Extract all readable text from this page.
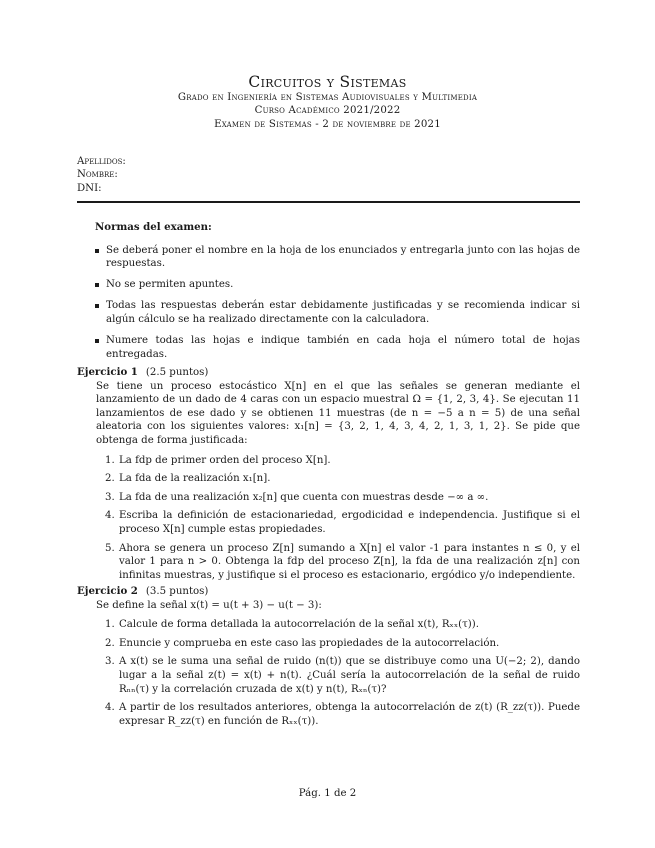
Circuitos y Sistemas
Grado en Ingeniería en Sistemas Audiovisuales y Multimedia
Curso Académico 2021/2022
Examen de Sistemas - 2 de noviembre de 2021
Apellidos:
Nombre:
DNI:
Normas del examen:
Se deberá poner el nombre en la hoja de los enunciados y entregarla junto con las hojas de respuestas.
No se permiten apuntes.
Todas las respuestas deberán estar debidamente justificadas y se recomienda indicar si algún cálculo se ha realizado directamente con la calculadora.
Numere todas las hojas e indique también en cada hoja el número total de hojas entregadas.
Ejercicio 1 (2.5 puntos)
Se tiene un proceso estocástico X[n] en el que las señales se generan mediante el lanzamiento de un dado de 4 caras con un espacio muestral Ω = {1, 2, 3, 4}. Se ejecutan 11 lanzamientos de ese dado y se obtienen 11 muestras (de n = −5 a n = 5) de una señal aleatoria con los siguientes valores: x₁[n] = {3, 2, 1, 4, 3, 4, 2, 1, 3, 1, 2}. Se pide que obtenga de forma justificada:
1. La fdp de primer orden del proceso X[n].
2. La fda de la realización x₁[n].
3. La fda de una realización x₂[n] que cuenta con muestras desde −∞ a ∞.
4. Escriba la definición de estacionariedad, ergodicidad e independencia. Justifique si el proceso X[n] cumple estas propiedades.
5. Ahora se genera un proceso Z[n] sumando a X[n] el valor -1 para instantes n ≤ 0, y el valor 1 para n > 0. Obtenga la fdp del proceso Z[n], la fda de una realización z[n] con infinitas muestras, y justifique si el proceso es estacionario, ergódico y/o independiente.
Ejercicio 2 (3.5 puntos)
Se define la señal x(t) = u(t + 3) − u(t − 3):
1. Calcule de forma detallada la autocorrelación de la señal x(t), Rₓₓ(τ)).
2. Enuncie y comprueba en este caso las propiedades de la autocorrelación.
3. A x(t) se le suma una señal de ruido (n(t)) que se distribuye como una U(−2; 2), dando lugar a la señal z(t) = x(t) + n(t). ¿Cuál sería la autocorrelación de la señal de ruido Rₙₙ(τ) y la correlación cruzada de x(t) y n(t), Rₓₙ(τ)?
4. A partir de los resultados anteriores, obtenga la autocorrelación de z(t) (R_zz(τ)). Puede expresar R_zz(τ) en función de Rₓₓ(τ)).
Pág. 1 de 2
